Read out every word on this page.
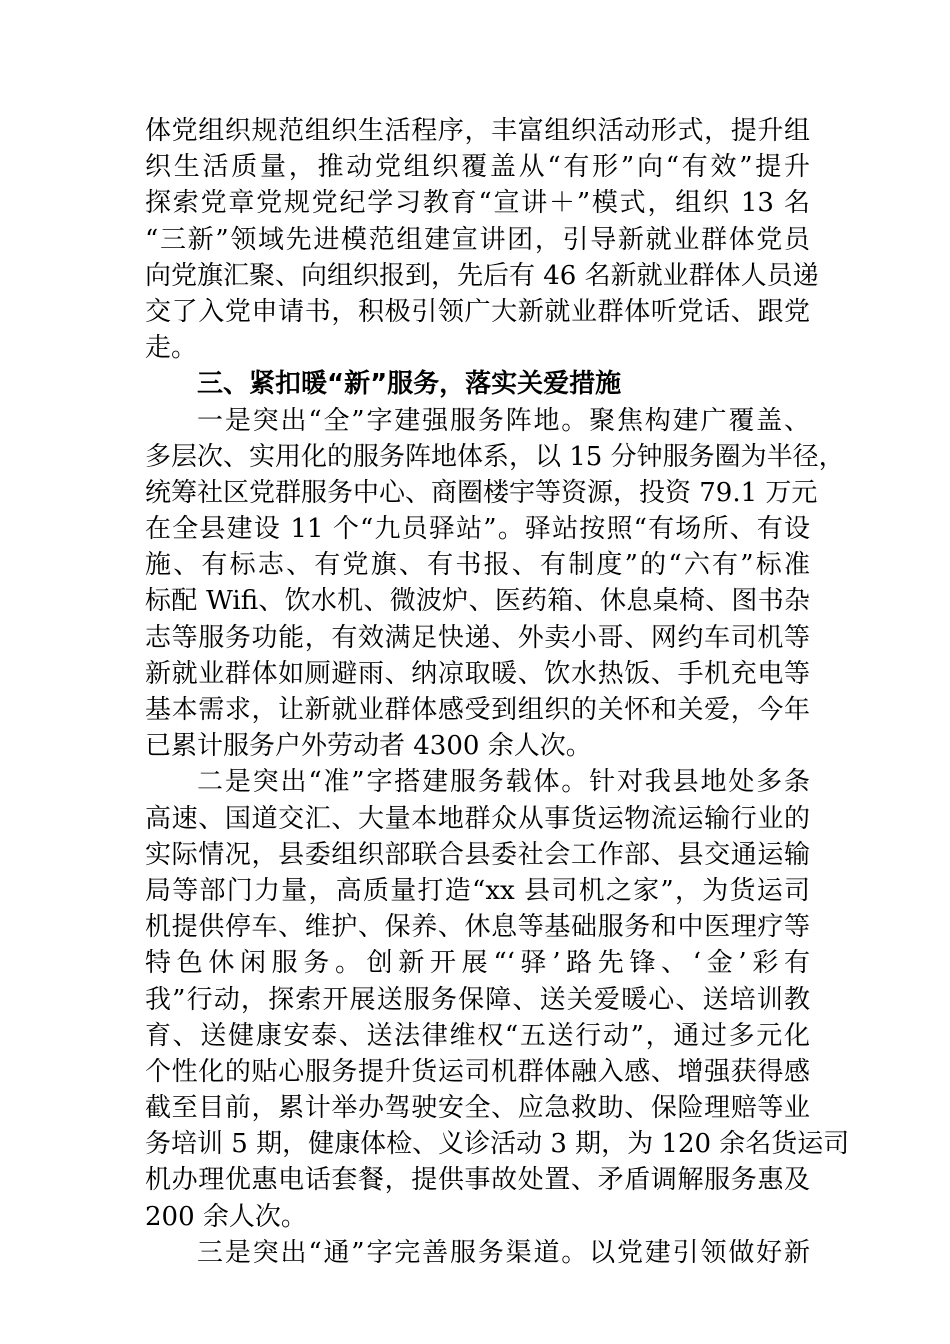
体党组织规范组织生活程序，丰富组织活动形式，提升组
织生活质量，推动党组织覆盖从“有形”向“有效”提升
探索党章党规党纪学习教育“宣讲＋”模式，组织 13 名
“三新”领域先进模范组建宣讲团，引导新就业群体党员
向党旗汇聚、向组织报到，先后有 46 名新就业群体人员递
交了入党申请书，积极引领广大新就业群体听党话、跟党
走。
三、紧扣暖“新”服务，落实关爱措施
一是突出“全”字建强服务阵地。聚焦构建广覆盖、
多层次、实用化的服务阵地体系，以 15 分钟服务圈为半径，
统筹社区党群服务中心、商圈楼宇等资源，投资 79.1 万元
在全县建设 11 个“九员驿站”。驿站按照“有场所、有设
施、有标志、有党旗、有书报、有制度”的“六有”标准
标配 Wifi、饮水机、微波炉、医药箱、休息桌椅、图书杂
志等服务功能，有效满足快递、外卖小哥、网约车司机等
新就业群体如厕避雨、纳凉取暖、饮水热饭、手机充电等
基本需求，让新就业群体感受到组织的关怀和关爱，今年
已累计服务户外劳动者 4300 余人次。
二是突出“准”字搭建服务载体。针对我县地处多条
高速、国道交汇、大量本地群众从事货运物流运输行业的
实际情况，县委组织部联合县委社会工作部、县交通运输
局等部门力量，高质量打造“xx 县司机之家”，为货运司
机提供停车、维护、保养、休息等基础服务和中医理疗等
特色休闲服务。创新开展“‘驿’路先锋、‘金’彩有
我”行动，探索开展送服务保障、送关爱暖心、送培训教
育、送健康安泰、送法律维权“五送行动”，通过多元化
个性化的贴心服务提升货运司机群体融入感、增强获得感
截至目前，累计举办驾驶安全、应急救助、保险理赔等业
务培训 5 期，健康体检、义诊活动 3 期，为 120 余名货运司
机办理优惠电话套餐，提供事故处置、矛盾调解服务惠及
200 余人次。
三是突出“通”字完善服务渠道。以党建引领做好新
